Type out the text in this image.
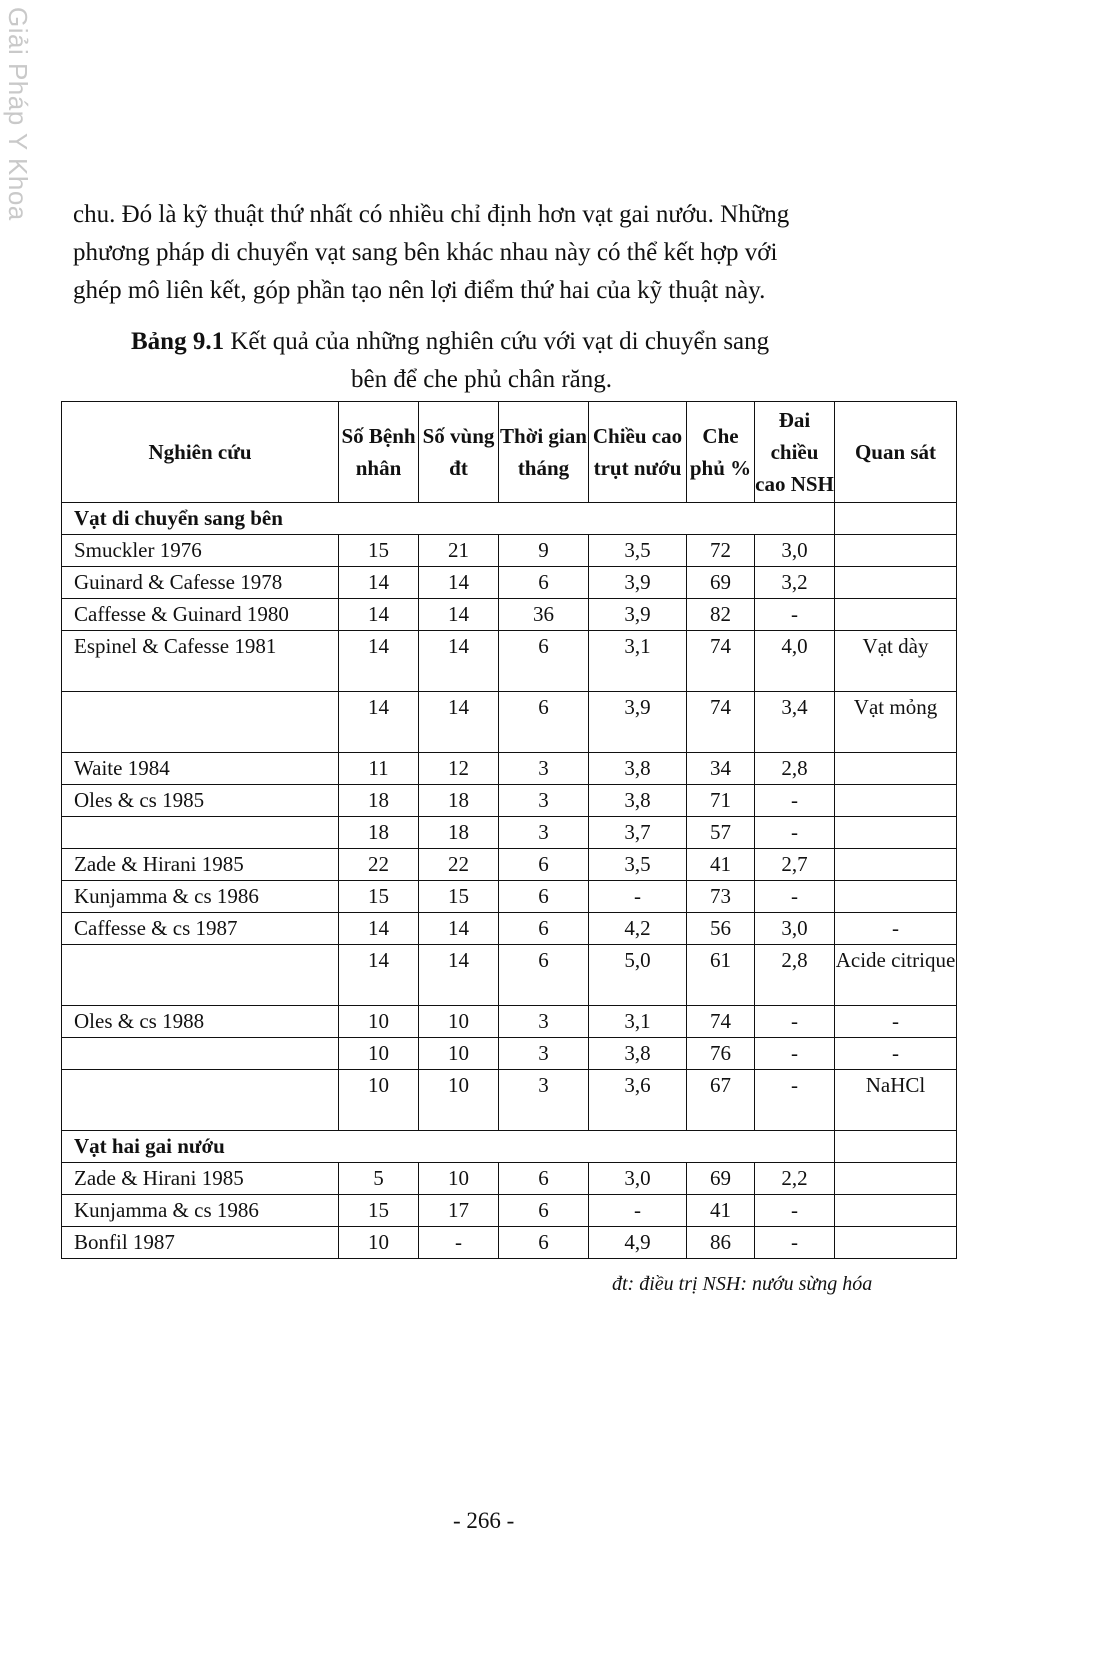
Giải Pháp Y Khoa chu. Đó là kỹ thuật thứ nhất có nhiều chỉ định hơn vạt gai nướu. Những
phương pháp di chuyển vạt sang bên khác nhau này có thể kết hợp với
ghép mô liên kết, góp phần tạo nên lợi điểm thứ hai của kỹ thuật này.

Bảng 9.1 Kết quả của những nghiên cứu với vạt di chuyển sang
bên để che phủ chân răng.
Nghiên cứu	Số Bệnh nhân	Số vùng đt	Thời gian tháng	Chiều cao trụt nướu	Che phủ %	Đai chiều cao NSH	Quan sát
Vạt di chuyển sang bên							
Smuckler 1976	15	21	9	3,5	72	3,0	
Guinard & Cafesse 1978	14	14	6	3,9	69	3,2	
Caffesse & Guinard 1980	14	14	36	3,9	82	-	
Espinel & Cafesse 1981	14	14	6	3,1	74	4,0	Vạt dày
	14	14	6	3,9	74	3,4	Vạt mỏng
Waite 1984	11	12	3	3,8	34	2,8	
Oles & cs 1985	18	18	3	3,8	71	-	
	18	18	3	3,7	57	-	
Zade & Hirani 1985	22	22	6	3,5	41	2,7	
Kunjamma & cs 1986	15	15	6	-	73	-	
Caffesse & cs 1987	14	14	6	4,2	56	3,0	-
	14	14	6	5,0	61	2,8	Acide citrique
Oles & cs 1988	10	10	3	3,1	74	-	-
	10	10	3	3,8	76	-	-
	10	10	3	3,6	67	-	NaHCl
Vạt hai gai nướu							
Zade & Hirani 1985	5	10	6	3,0	69	2,2	
Kunjamma & cs 1986	15	17	6	-	41	-	
Bonfil 1987	10	-	6	4,9	86	-	
đt: điều trị NSH: nướu sừng hóa
- 266 -
